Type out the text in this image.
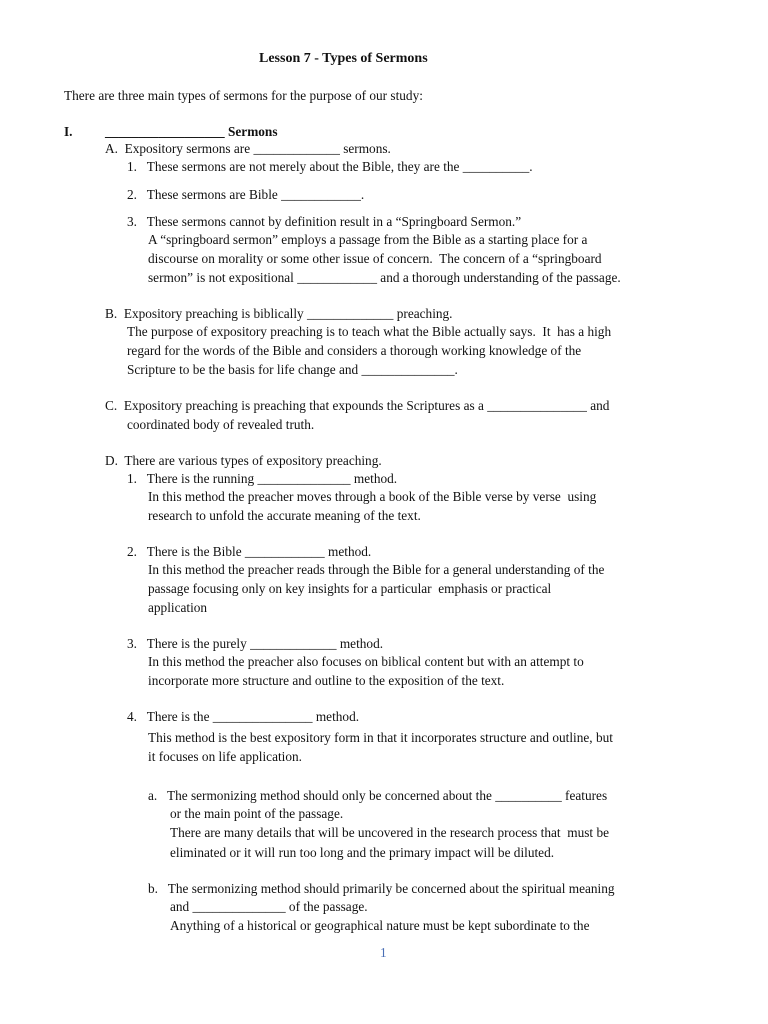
Lesson 7 - Types of Sermons
There are three main types of sermons for the purpose of our study:
I. __________________ Sermons
A.  Expository sermons are _____________ sermons.
1.   These sermons are not merely about the Bible, they are the __________.
2.   These sermons are Bible ____________.
3.   These sermons cannot by definition result in a “Springboard Sermon.”
A “springboard sermon” employs a passage from the Bible as a starting place for a
discourse on morality or some other issue of concern.  The concern of a “springboard
sermon” is not expositional ____________ and a thorough understanding of the passage.
B.  Expository preaching is biblically _____________ preaching.
The purpose of expository preaching is to teach what the Bible actually says.  It  has a high
regard for the words of the Bible and considers a thorough working knowledge of the
Scripture to be the basis for life change and ______________.
C.  Expository preaching is preaching that expounds the Scriptures as a _______________ and
coordinated body of revealed truth.
D.  There are various types of expository preaching.
1.   There is the running ______________ method.
In this method the preacher moves through a book of the Bible verse by verse  using
research to unfold the accurate meaning of the text.
2.   There is the Bible ____________ method.
In this method the preacher reads through the Bible for a general understanding of the
passage focusing only on key insights for a particular  emphasis or practical
application
3.   There is the purely _____________ method.
In this method the preacher also focuses on biblical content but with an attempt to
incorporate more structure and outline to the exposition of the text.
4.   There is the _______________ method.
This method is the best expository form in that it incorporates structure and outline, but
it focuses on life application.
a.   The sermonizing method should only be concerned about the __________ features
or the main point of the passage.
There are many details that will be uncovered in the research process that  must be
eliminated or it will run too long and the primary impact will be diluted.
b.   The sermonizing method should primarily be concerned about the spiritual meaning
and ______________ of the passage.
Anything of a historical or geographical nature must be kept subordinate to the
1
